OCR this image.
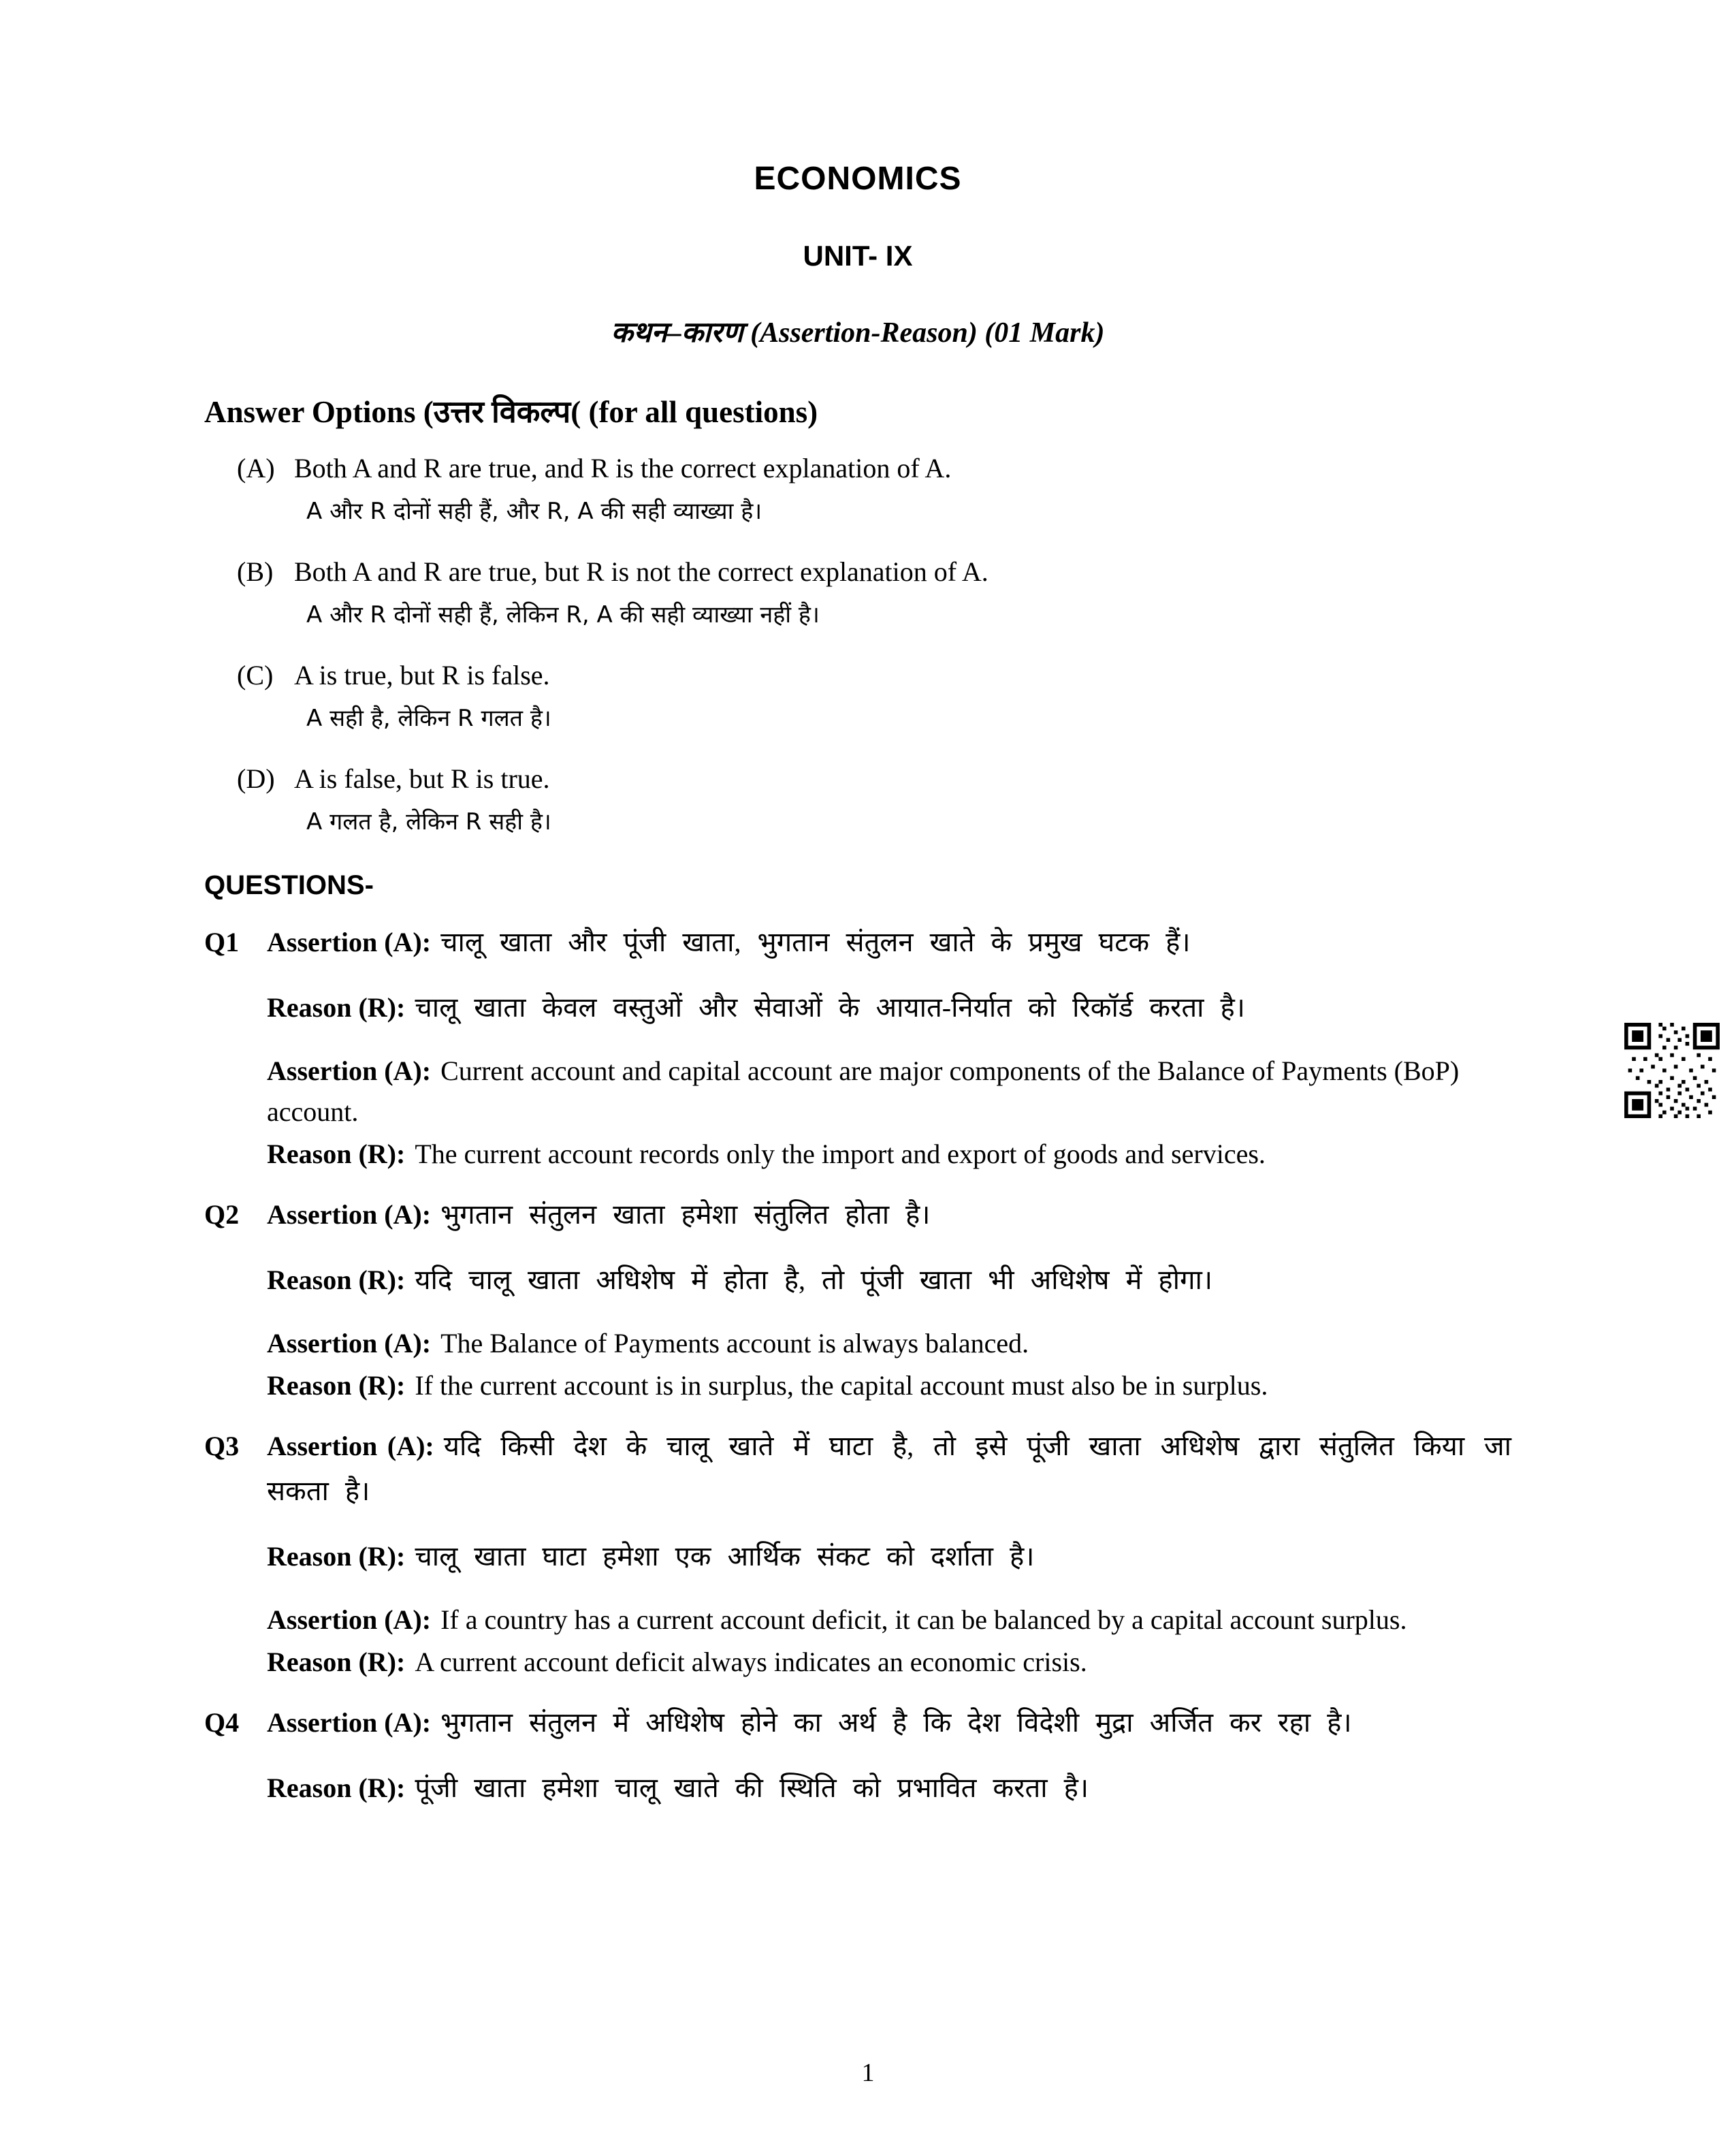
ECONOMICS
UNIT- IX
कथन–कारण (Assertion-Reason) (01 Mark)
Answer Options (उत्तर विकल्प( (for all questions)
(A) Both A and R are true, and R is the correct explanation of A.
A और R दोनों सही हैं, और R, A की सही व्याख्या है।
(B) Both A and R are true, but R is not the correct explanation of A.
A और R दोनों सही हैं, लेकिन R, A की सही व्याख्या नहीं है।
(C) A is true, but R is false.
A सही है, लेकिन R गलत है।
(D) A is false, but R is true.
A गलत है, लेकिन R सही है।
QUESTIONS-
Q1 Assertion (A): चालू खाता और पूंजी खाता, भुगतान संतुलन खाते के प्रमुख घटक हैं।

Reason (R): चालू खाता केवल वस्तुओं और सेवाओं के आयात-निर्यात को रिकॉर्ड करता है।

Assertion (A): Current account and capital account are major components of the Balance of Payments (BoP) account.

Reason (R): The current account records only the import and export of goods and services.

Q2 Assertion (A): भुगतान संतुलन खाता हमेशा संतुलित होता है।

Reason (R): यदि चालू खाता अधिशेष में होता है, तो पूंजी खाता भी अधिशेष में होगा।

Assertion (A): The Balance of Payments account is always balanced.

Reason (R): If the current account is in surplus, the capital account must also be in surplus.

Q3 Assertion (A): यदि किसी देश के चालू खाते में घाटा है, तो इसे पूंजी खाता अधिशेष द्वारा संतुलित किया जा सकता है।

Reason (R): चालू खाता घाटा हमेशा एक आर्थिक संकट को दर्शाता है।

Assertion (A): If a country has a current account deficit, it can be balanced by a capital account surplus.

Reason (R): A current account deficit always indicates an economic crisis.

Q4 Assertion (A): भुगतान संतुलन में अधिशेष होने का अर्थ है कि देश विदेशी मुद्रा अर्जित कर रहा है।

Reason (R): पूंजी खाता हमेशा चालू खाते की स्थिति को प्रभावित करता है।

1
